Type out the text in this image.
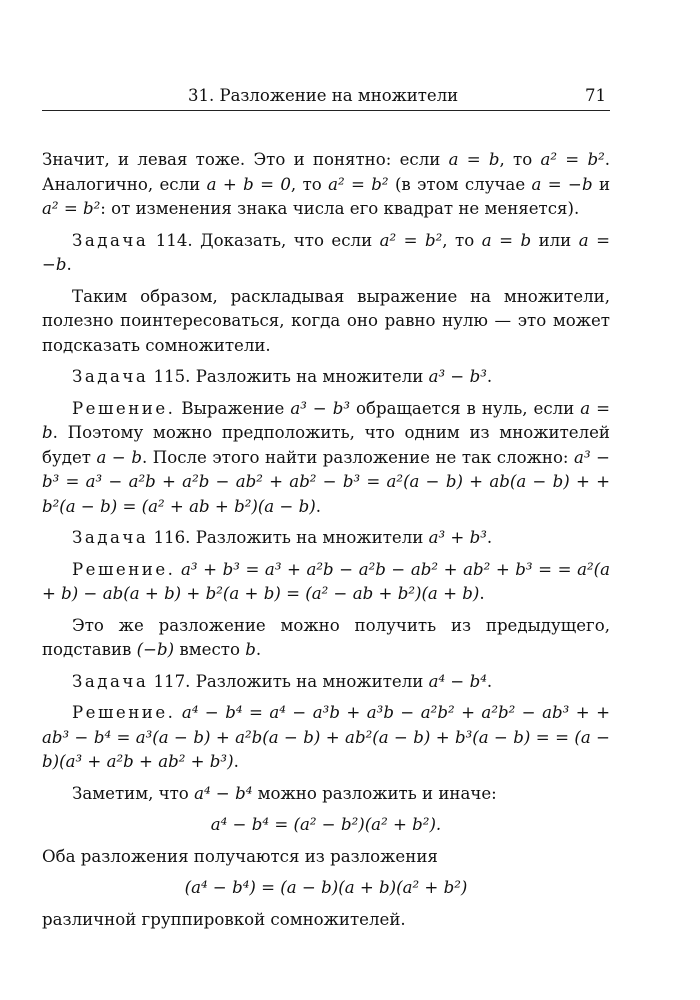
31. Разложение на множители	71

Значит, и левая тоже. Это и понятно: если a = b, то a² = b². Аналогично, если a + b = 0, то a² = b² (в этом случае a = −b и a² = b²: от изменения знака числа его квадрат не меняется).

Задача 114. Доказать, что если a² = b², то a = b или a = −b.

Таким образом, раскладывая выражение на множители, полезно поинтересоваться, когда оно равно нулю — это может подсказать сомножители.

Задача 115. Разложить на множители a³ − b³.

Решение. Выражение a³ − b³ обращается в нуль, если a = b. Поэтому можно предположить, что одним из множителей будет a − b. После этого найти разложение не так сложно: a³ − b³ = a³ − a²b + a²b − ab² + ab² − b³ = a²(a − b) + ab(a − b) + + b²(a − b) = (a² + ab + b²)(a − b).

Задача 116. Разложить на множители a³ + b³.

Решение. a³ + b³ = a³ + a²b − a²b − ab² + ab² + b³ = = a²(a + b) − ab(a + b) + b²(a + b) = (a² − ab + b²)(a + b).

Это же разложение можно получить из предыдущего, подставив (−b) вместо b.

Задача 117. Разложить на множители a⁴ − b⁴.

Решение. a⁴ − b⁴ = a⁴ − a³b + a³b − a²b² + a²b² − ab³ + + ab³ − b⁴ = a³(a − b) + a²b(a − b) + ab²(a − b) + b³(a − b) = = (a − b)(a³ + a²b + ab² + b³).

Заметим, что a⁴ − b⁴ можно разложить и иначе:

a⁴ − b⁴ = (a² − b²)(a² + b²).

Оба разложения получаются из разложения

(a⁴ − b⁴) = (a − b)(a + b)(a² + b²)

различной группировкой сомножителей.
